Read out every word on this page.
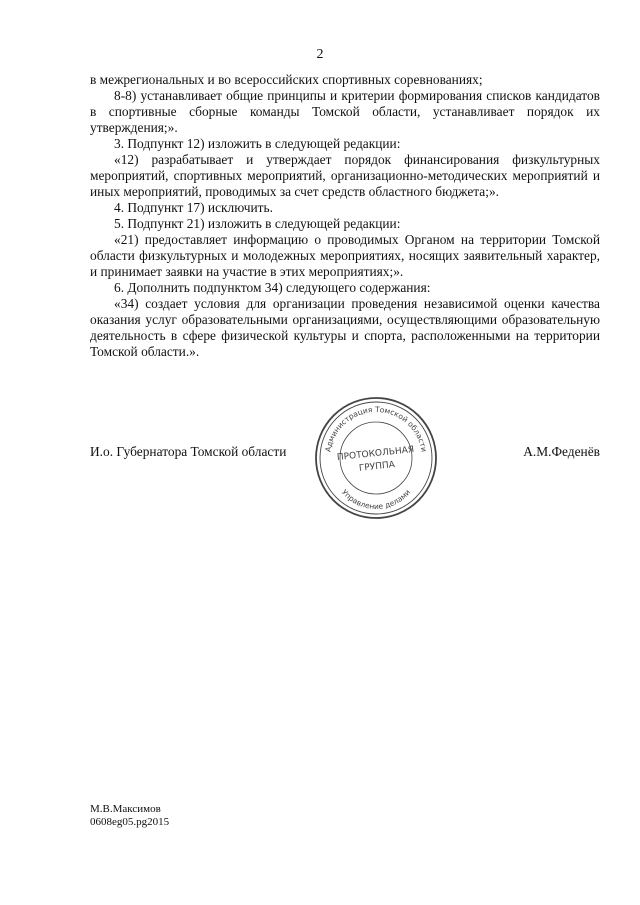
2

в межрегиональных и во всероссийских спортивных соревнованиях;

8-8) устанавливает общие принципы и критерии формирования списков кандидатов в спортивные сборные команды Томской области, устанавливает порядок их утверждения;».

3. Подпункт 12) изложить в следующей редакции:

«12) разрабатывает и утверждает порядок финансирования физкультурных мероприятий, спортивных мероприятий, организационно-методических мероприятий и иных мероприятий, проводимых за счет средств областного бюджета;».

4. Подпункт 17) исключить.

5. Подпункт 21) изложить в следующей редакции:

«21) предоставляет информацию о проводимых Органом на территории Томской области физкультурных и молодежных мероприятиях, носящих заявительный характер, и принимает заявки на участие в этих мероприятиях;».

6. Дополнить подпунктом 34) следующего содержания:

«34) создает условия для организации проведения независимой оценки качества оказания услуг образовательными организациями, осуществляющими образовательную деятельность в сфере физической культуры и спорта, расположенными на территории Томской области.».

И.о. Губернатора Томской области	А.М.Феденёв
Администрация Томской области
Управление делами
ПРОТОКОЛЬНАЯ
ГРУППА
М.В.Максимов
0608eg05.pg2015
